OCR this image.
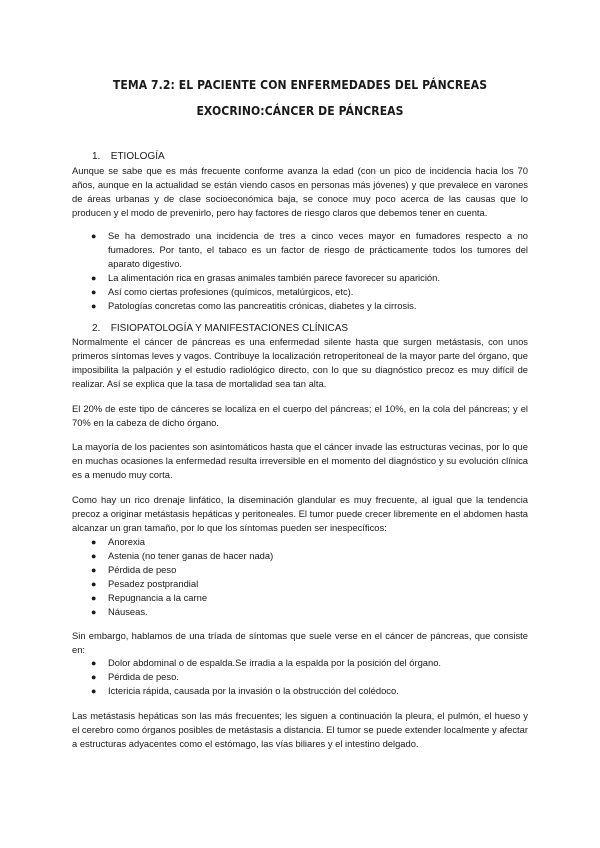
TEMA 7.2: EL PACIENTE CON ENFERMEDADES DEL PÁNCREAS
EXOCRINO:CÁNCER DE PÁNCREAS
1. ETIOLOGÍA

Aunque se sabe que es más frecuente conforme avanza la edad (con un pico de incidencia hacia los 70 años, aunque en la actualidad se están viendo casos en personas más jóvenes) y que prevalece en varones de áreas urbanas y de clase socioeconómica baja, se conoce muy poco acerca de las causas que lo producen y el modo de prevenirlo, pero hay factores de riesgo claros que debemos tener en cuenta.

● Se ha demostrado una incidencia de tres a cinco veces mayor en fumadores respecto a no fumadores. Por tanto, el tabaco es un factor de riesgo de prácticamente todos los tumores del aparato digestivo.
● La alimentación rica en grasas animales también parece favorecer su aparición.
● Así como ciertas profesiones (químicos, metalúrgicos, etc).
● Patologías concretas como las pancreatitis crónicas, diabetes y la cirrosis.
2. FISIOPATOLOGÍA Y MANIFESTACIONES CLÍNICAS

Normalmente el cáncer de páncreas es una enfermedad silente hasta que surgen metástasis, con unos primeros síntomas leves y vagos. Contribuye la localización retroperitoneal de la mayor parte del órgano, que imposibilita la palpación y el estudio radiológico directo, con lo que su diagnóstico precoz es muy difícil de realizar. Así se explica que la tasa de mortalidad sea tan alta.

El 20% de este tipo de cánceres se localiza en el cuerpo del páncreas; el 10%, en la cola del páncreas; y el 70% en la cabeza de dicho órgano.

La mayoría de los pacientes son asintomáticos hasta que el cáncer invade las estructuras vecinas, por lo que en muchas ocasiones la enfermedad resulta irreversible en el momento del diagnóstico y su evolución clínica es a menudo muy corta.

Como hay un rico drenaje linfático, la diseminación glandular es muy frecuente, al igual que la tendencia precoz a originar metástasis hepáticas y peritoneales. El tumor puede crecer libremente en el abdomen hasta alcanzar un gran tamaño, por lo que los síntomas pueden ser inespecíficos:

● Anorexia
● Astenia (no tener ganas de hacer nada)
● Pérdida de peso
● Pesadez postprandial
● Repugnancia a la carne
● Náuseas.

Sin embargo, hablamos de una tríada de síntomas que suele verse en el cáncer de páncreas, que consiste en:

● Dolor abdominal o de espalda.Se irradia a la espalda por la posición del órgano.
● Pérdida de peso.
● Ictericia rápida, causada por la invasión o la obstrucción del colédoco.

Las metástasis hepáticas son las más frecuentes; les siguen a continuación la pleura, el pulmón, el hueso y el cerebro como órganos posibles de metástasis a distancia. El tumor se puede extender localmente y afectar a estructuras adyacentes como el estómago, las vías biliares y el intestino delgado.
